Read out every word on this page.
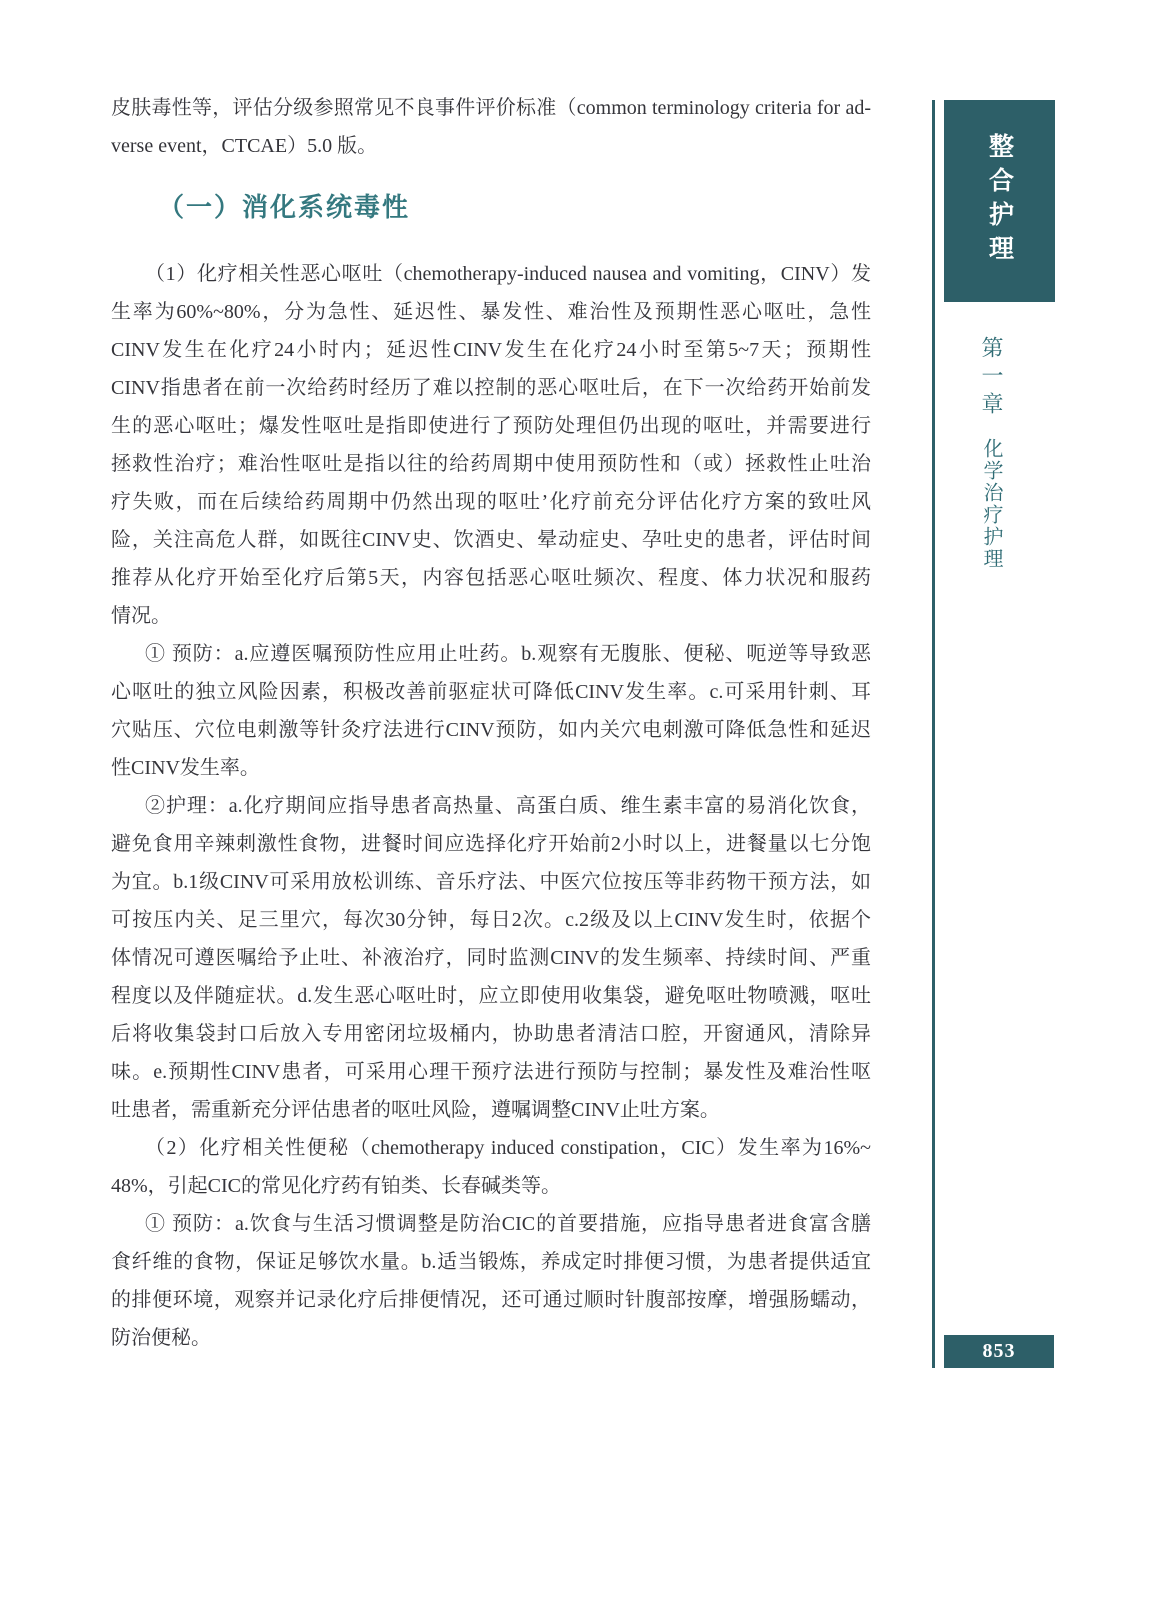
皮肤毒性等，评估分级参照常见不良事件评价标准（common terminology criteria for ad-
verse event，CTCAE）5.0 版。
（一）消化系统毒性
（1）化疗相关性恶心呕吐（chemotherapy-induced nausea and vomiting，CINV）发
生率为60%~80%，分为急性、延迟性、暴发性、难治性及预期性恶心呕吐，急性
CINV发生在化疗24小时内；延迟性CINV发生在化疗24小时至第5~7天；预期性
CINV指患者在前一次给药时经历了难以控制的恶心呕吐后，在下一次给药开始前发
生的恶心呕吐；爆发性呕吐是指即使进行了预防处理但仍出现的呕吐，并需要进行
拯救性治疗；难治性呕吐是指以往的给药周期中使用预防性和（或）拯救性止吐治
疗失败，而在后续给药周期中仍然出现的呕吐’化疗前充分评估化疗方案的致吐风
险，关注高危人群，如既往CINV史、饮酒史、晕动症史、孕吐史的患者，评估时间
推荐从化疗开始至化疗后第5天，内容包括恶心呕吐频次、程度、体力状况和服药
情况。
① 预防：a.应遵医嘱预防性应用止吐药。b.观察有无腹胀、便秘、呃逆等导致恶
心呕吐的独立风险因素，积极改善前驱症状可降低CINV发生率。c.可采用针刺、耳
穴贴压、穴位电刺激等针灸疗法进行CINV预防，如内关穴电刺激可降低急性和延迟
性CINV发生率。
②护理：a.化疗期间应指导患者高热量、高蛋白质、维生素丰富的易消化饮食，
避免食用辛辣刺激性食物，进餐时间应选择化疗开始前2小时以上，进餐量以七分饱
为宜。b.1级CINV可采用放松训练、音乐疗法、中医穴位按压等非药物干预方法，如
可按压内关、足三里穴，每次30分钟，每日2次。c.2级及以上CINV发生时，依据个
体情况可遵医嘱给予止吐、补液治疗，同时监测CINV的发生频率、持续时间、严重
程度以及伴随症状。d.发生恶心呕吐时，应立即使用收集袋，避免呕吐物喷溅，呕吐
后将收集袋封口后放入专用密闭垃圾桶内，协助患者清洁口腔，开窗通风，清除异
味。e.预期性CINV患者，可采用心理干预疗法进行预防与控制；暴发性及难治性呕
吐患者，需重新充分评估患者的呕吐风险，遵嘱调整CINV止吐方案。
（2）化疗相关性便秘（chemotherapy induced constipation，CIC）发生率为16%~
48%，引起CIC的常见化疗药有铂类、长春碱类等。
① 预防：a.饮食与生活习惯调整是防治CIC的首要措施，应指导患者进食富含膳
食纤维的食物，保证足够饮水量。b.适当锻炼，养成定时排便习惯，为患者提供适宜
的排便环境，观察并记录化疗后排便情况，还可通过顺时针腹部按摩，增强肠蠕动，
防治便秘。
整合护理
第一章化学治疗护理
853
